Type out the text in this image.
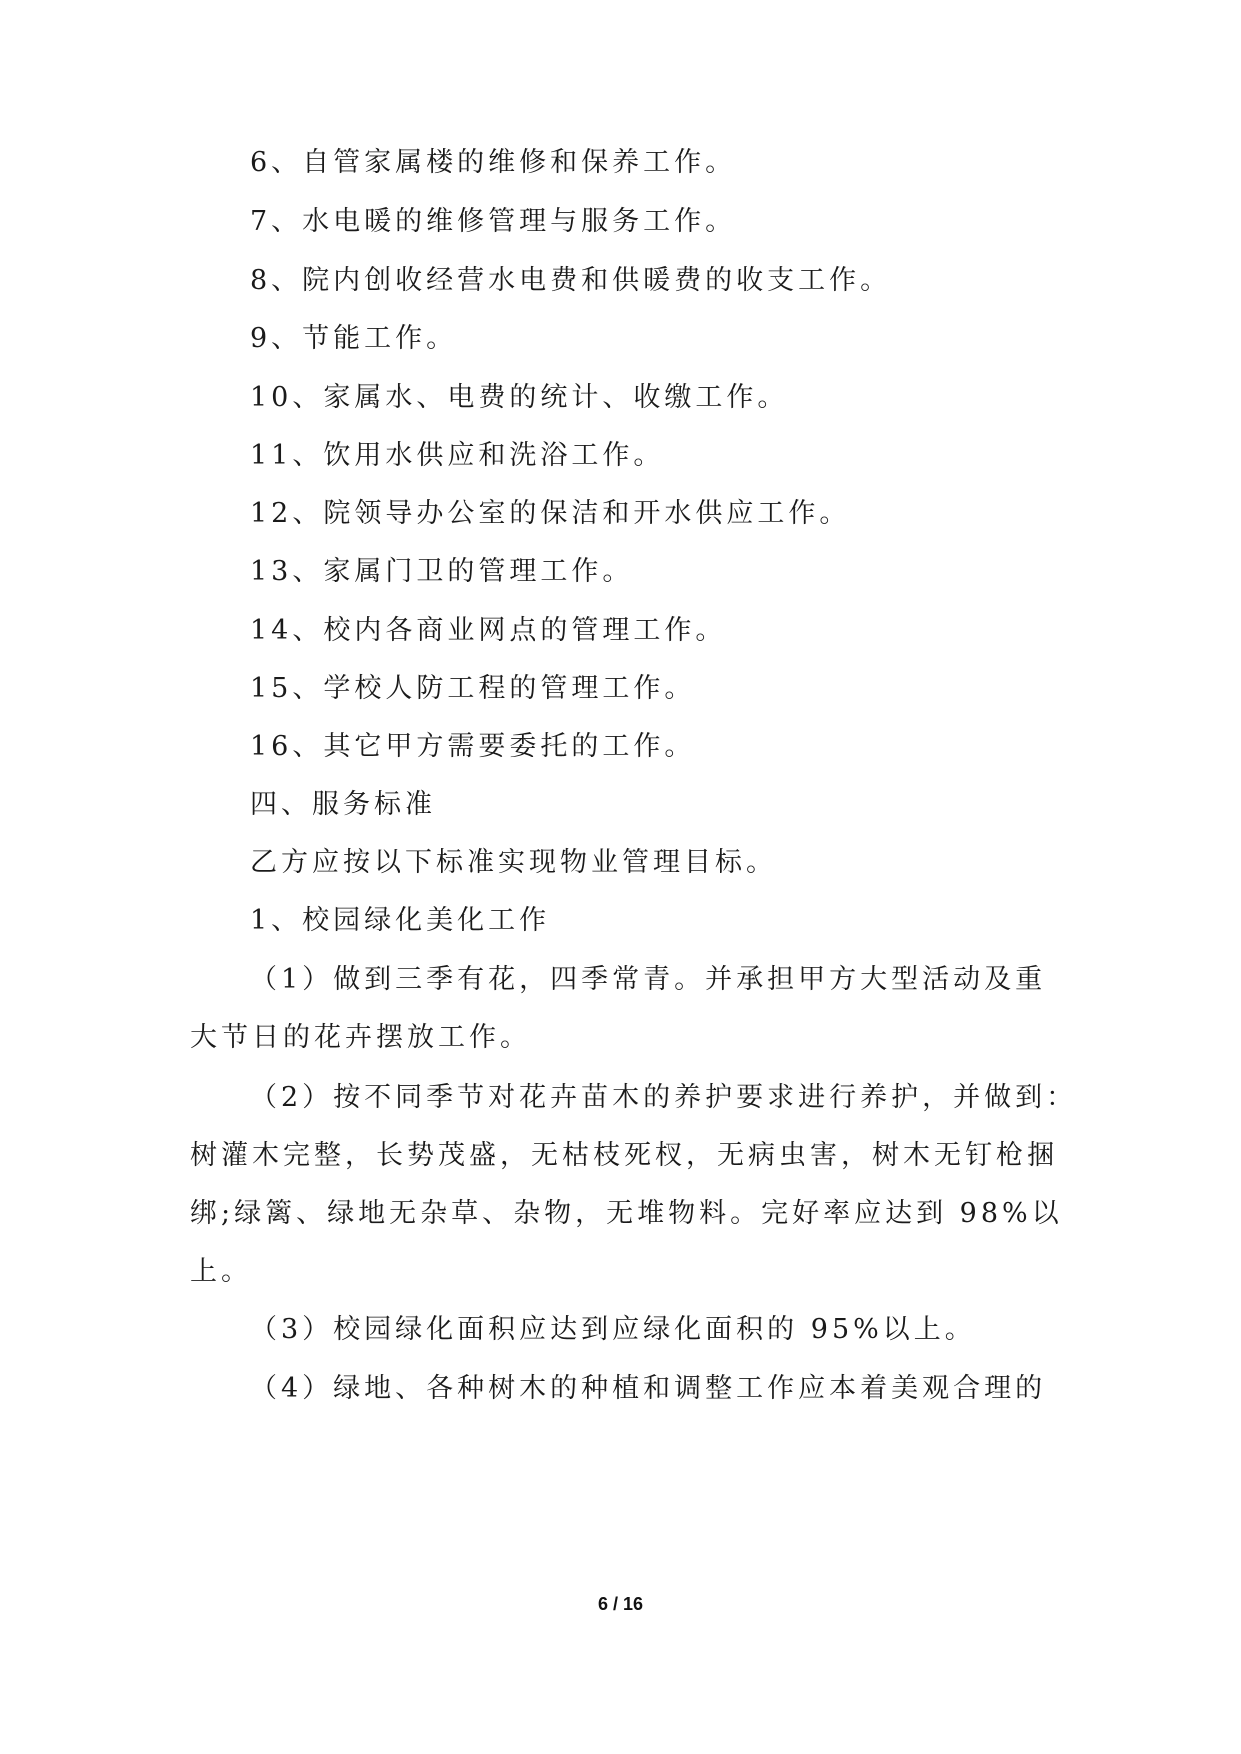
6、自管家属楼的维修和保养工作。
7、水电暖的维修管理与服务工作。
8、院内创收经营水电费和供暖费的收支工作。
9、节能工作。
10、家属水、电费的统计、收缴工作。
11、饮用水供应和洗浴工作。
12、院领导办公室的保洁和开水供应工作。
13、家属门卫的管理工作。
14、校内各商业网点的管理工作。
15、学校人防工程的管理工作。
16、其它甲方需要委托的工作。
四、服务标准
乙方应按以下标准实现物业管理目标。
1、校园绿化美化工作
（1）做到三季有花，四季常青。并承担甲方大型活动及重
大节日的花卉摆放工作。
（2）按不同季节对花卉苗木的养护要求进行养护，并做到：
树灌木完整，长势茂盛，无枯枝死杈，无病虫害，树木无钉枪捆
绑;绿篱、绿地无杂草、杂物，无堆物料。完好率应达到 98%以
上。
（3）校园绿化面积应达到应绿化面积的 95%以上。
（4）绿地、各种树木的种植和调整工作应本着美观合理的
6 / 16
